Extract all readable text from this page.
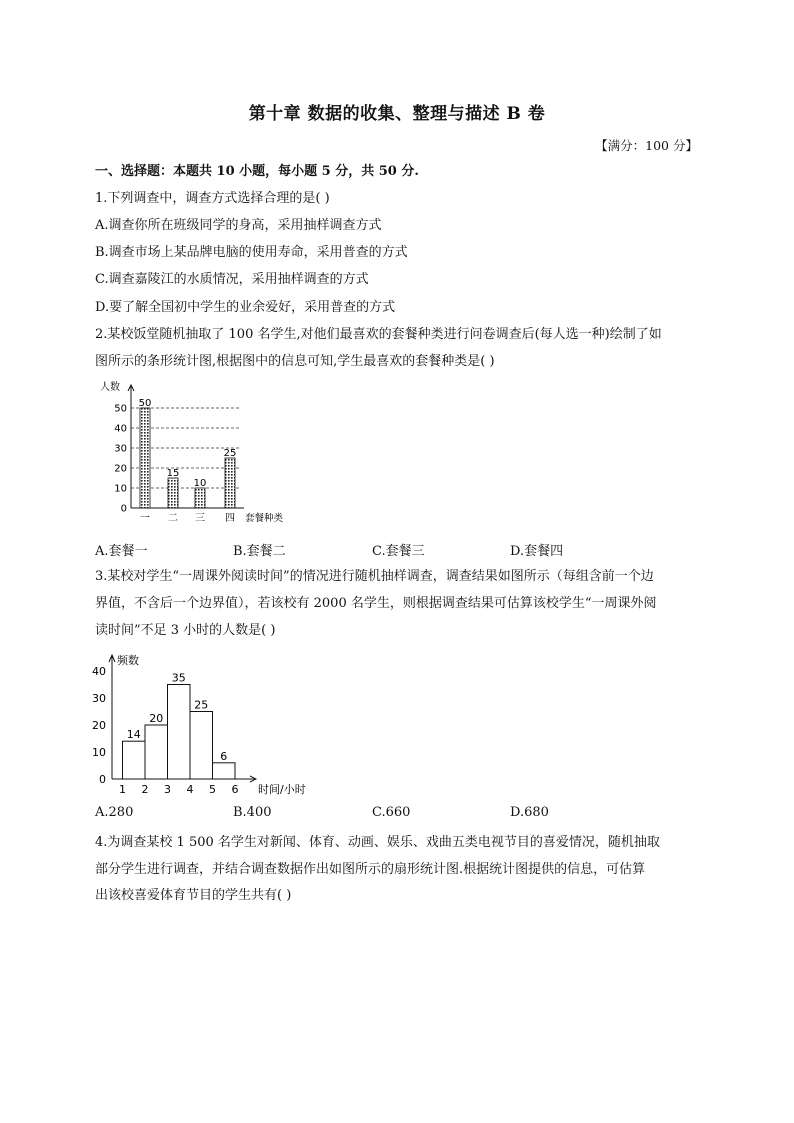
第十章 数据的收集、整理与描述 B 卷
【满分：100 分】
一、选择题：本题共 10 小题，每小题 5 分，共 50 分.
1.下列调查中，调查方式选择合理的是( )
A.调查你所在班级同学的身高，采用抽样调查方式
B.调查市场上某品牌电脑的使用寿命，采用普查的方式
C.调查嘉陵江的水质情况，采用抽样调查的方式
D.要了解全国初中学生的业余爱好，采用普查的方式
2.某校饭堂随机抽取了 100 名学生,对他们最喜欢的套餐种类进行问卷调查后(每人选一种)绘制了如
图所示的条形统计图,根据图中的信息可知,学生最喜欢的套餐种类是( )
人数
0
10
20
30
40
50 50
一
15
二
10
三
25
四 套餐种类
A.套餐一	B.套餐二	C.套餐三	D.套餐四
3.某校对学生“一周课外阅读时间”的情况进行随机抽样调查，调查结果如图所示（每组含前一个边
界值，不含后一个边界值），若该校有 2000 名学生，则根据调查结果可估算该校学生“一周课外阅
读时间”不足 3 小时的人数是( )
频数
0
10
20
30
40
1 2 3 4 5 6 时间/小时
14
20
35
25
6
A.280	B.400	C.660	D.680
4.为调查某校 1 500 名学生对新闻、体育、动画、娱乐、戏曲五类电视节目的喜爱情况，随机抽取
部分学生进行调查，并结合调查数据作出如图所示的扇形统计图.根据统计图提供的信息，可估算
出该校喜爱体育节目的学生共有( )
